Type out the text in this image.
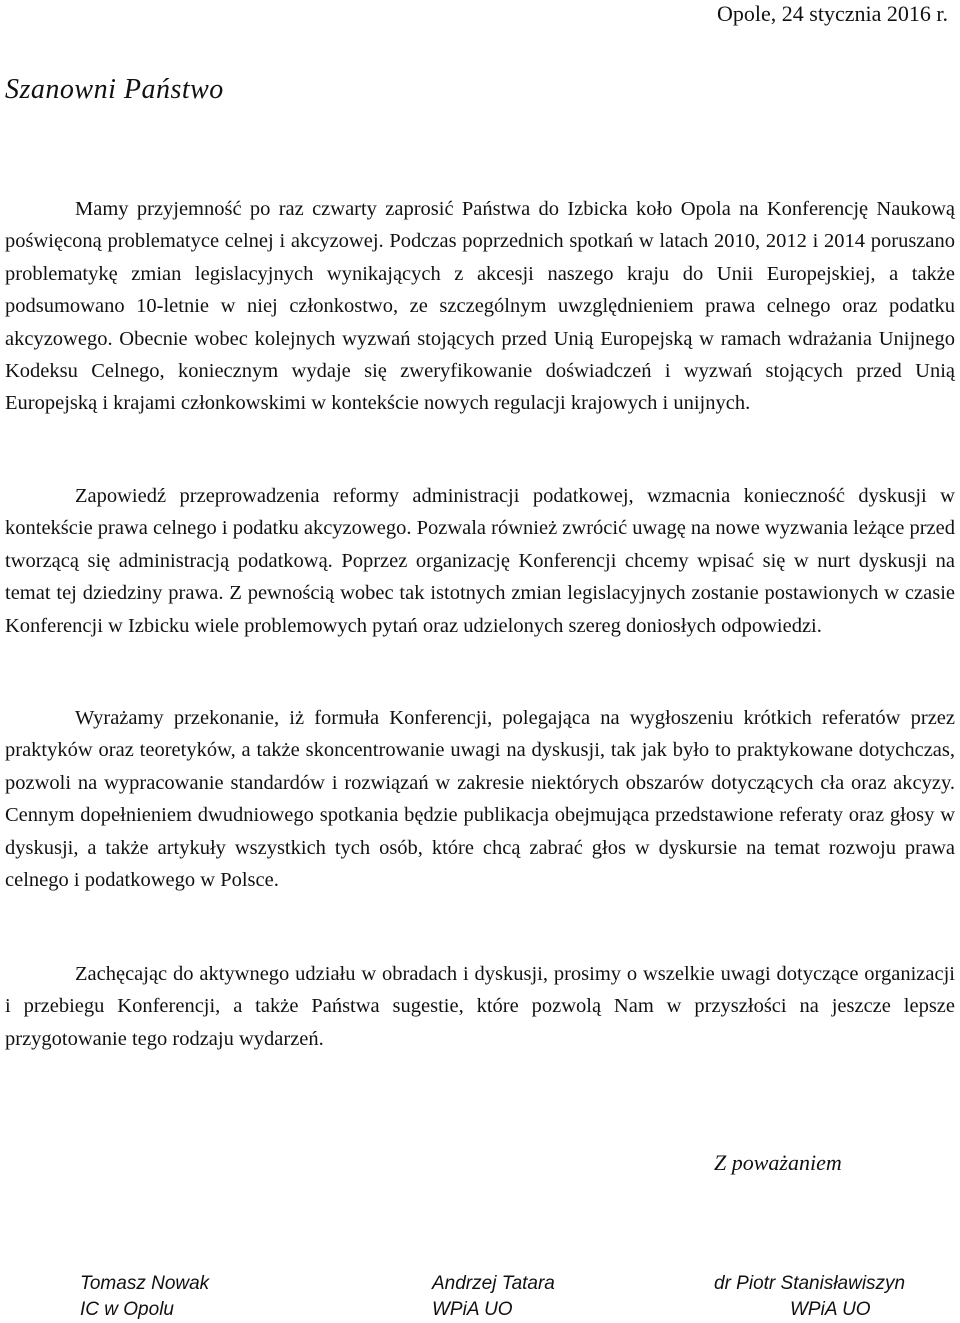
Opole, 24 stycznia 2016 r.
Szanowni Państwo

Mamy przyjemność po raz czwarty zaprosić Państwa do Izbicka koło Opola na Konferencję Naukową poświęconą problematyce celnej i akcyzowej. Podczas poprzednich spotkań w latach 2010, 2012 i 2014 poruszano problematykę zmian legislacyjnych wynikających z akcesji naszego kraju do Unii Europejskiej, a także podsumowano 10-letnie w niej członkostwo, ze szczególnym uwzględnieniem prawa celnego oraz podatku akcyzowego. Obecnie wobec kolejnych wyzwań stojących przed Unią Europejską w ramach wdrażania Unijnego Kodeksu Celnego, koniecznym wydaje się zweryfikowanie doświadczeń i wyzwań stojących przed Unią Europejską i krajami członkowskimi w kontekście nowych regulacji krajowych i unijnych.

Zapowiedź przeprowadzenia reformy administracji podatkowej, wzmacnia konieczność dyskusji w kontekście prawa celnego i podatku akcyzowego. Pozwala również zwrócić uwagę na nowe wyzwania leżące przed tworzącą się administracją podatkową. Poprzez organizację Konferencji chcemy wpisać się w nurt dyskusji na temat tej dziedziny prawa. Z pewnością wobec tak istotnych zmian legislacyjnych zostanie postawionych w czasie Konferencji w Izbicku wiele problemowych pytań oraz udzielonych szereg doniosłych odpowiedzi.

Wyrażamy przekonanie, iż formuła Konferencji, polegająca na wygłoszeniu krótkich referatów przez praktyków oraz teoretyków, a także skoncentrowanie uwagi na dyskusji, tak jak było to praktykowane dotychczas, pozwoli na wypracowanie standardów i rozwiązań w zakresie niektórych obszarów dotyczących cła oraz akcyzy. Cennym dopełnieniem dwudniowego spotkania będzie publikacja obejmująca przedstawione referaty oraz głosy w dyskusji, a także artykuły wszystkich tych osób, które chcą zabrać głos w dyskursie na temat rozwoju prawa celnego i podatkowego w Polsce.

Zachęcając do aktywnego udziału w obradach i dyskusji, prosimy o wszelkie uwagi dotyczące organizacji i przebiegu Konferencji, a także Państwa sugestie, które pozwolą Nam w przyszłości na jeszcze lepsze przygotowanie tego rodzaju wydarzeń.

Z poważaniem
Tomasz Nowak
IC w Opolu
Andrzej Tatara
WPiA UO
dr Piotr Stanisławiszyn
WPiA UO
